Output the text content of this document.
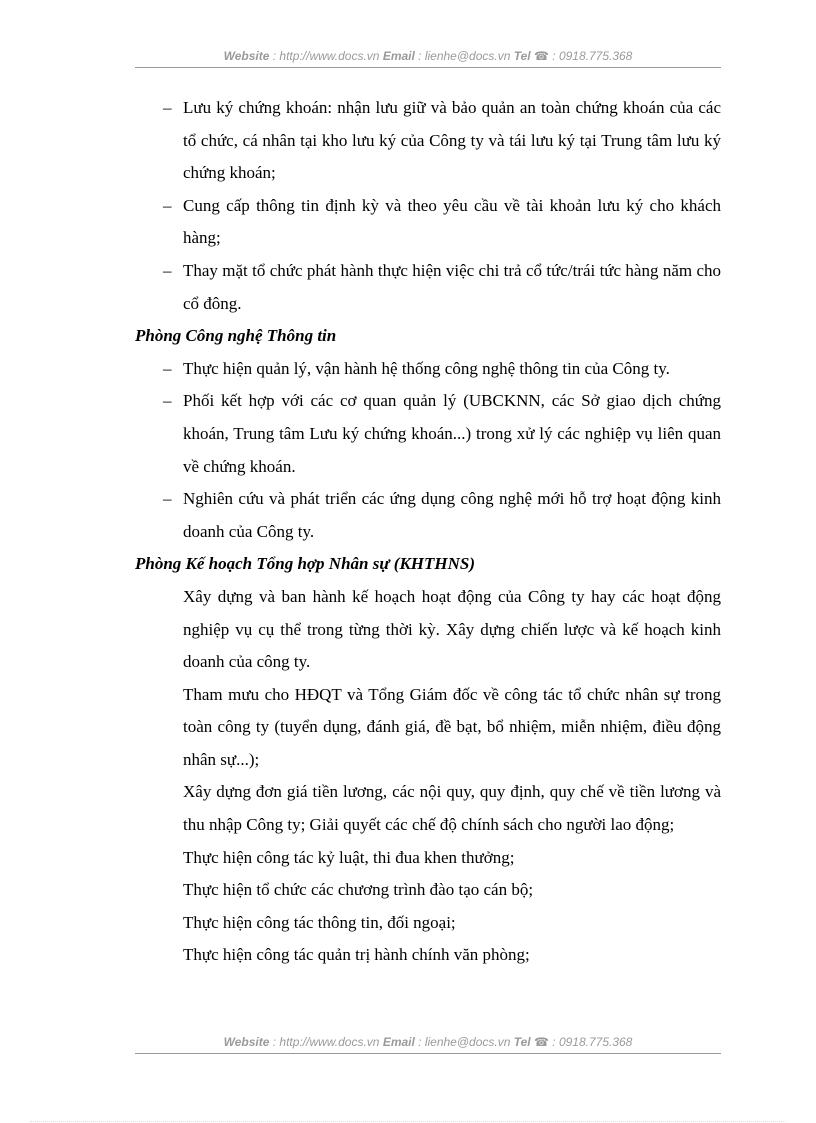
Website : http://www.docs.vn Email : lienhe@docs.vn Tel ☎ : 0918.775.368
– Lưu ký chứng khoán: nhận lưu giữ và bảo quản an toàn chứng khoán của các tổ chức, cá nhân tại kho lưu ký của Công ty và tái lưu ký tại Trung tâm lưu ký chứng khoán;
– Cung cấp thông tin định kỳ và theo yêu cầu về tài khoản lưu ký cho khách hàng;
– Thay mặt tổ chức phát hành thực hiện việc chi trả cổ tức/trái tức hàng năm cho cổ đông.
Phòng Công nghệ Thông tin
– Thực hiện quản lý, vận hành hệ thống công nghệ thông tin của Công ty.
– Phối kết hợp với các cơ quan quản lý (UBCKNN, các Sở giao dịch chứng khoán, Trung tâm Lưu ký chứng khoán...) trong xử lý các nghiệp vụ liên quan về chứng khoán.
– Nghiên cứu và phát triển các ứng dụng công nghệ mới hỗ trợ hoạt động kinh doanh của Công ty.
Phòng Kế hoạch Tổng hợp Nhân sự (KHTHNS)
Xây dựng và ban hành kế hoạch hoạt động của Công ty hay các hoạt động nghiệp vụ cụ thể trong từng thời kỳ. Xây dựng chiến lược và kế hoạch kinh doanh của công ty.
Tham mưu cho HĐQT và Tổng Giám đốc về công tác tổ chức nhân sự trong toàn công ty (tuyển dụng, đánh giá, đề bạt, bổ nhiệm, miễn nhiệm, điều động nhân sự...);
Xây dựng đơn giá tiền lương, các nội quy, quy định, quy chế về tiền lương và thu nhập Công ty; Giải quyết các chế độ chính sách cho người lao động;
Thực hiện công tác kỷ luật, thi đua khen thưởng;
Thực hiện tổ chức các chương trình đào tạo cán bộ;
Thực hiện công tác thông tin, đối ngoại;
Thực hiện công tác quản trị hành chính văn phòng;
Website : http://www.docs.vn Email : lienhe@docs.vn Tel ☎ : 0918.775.368
